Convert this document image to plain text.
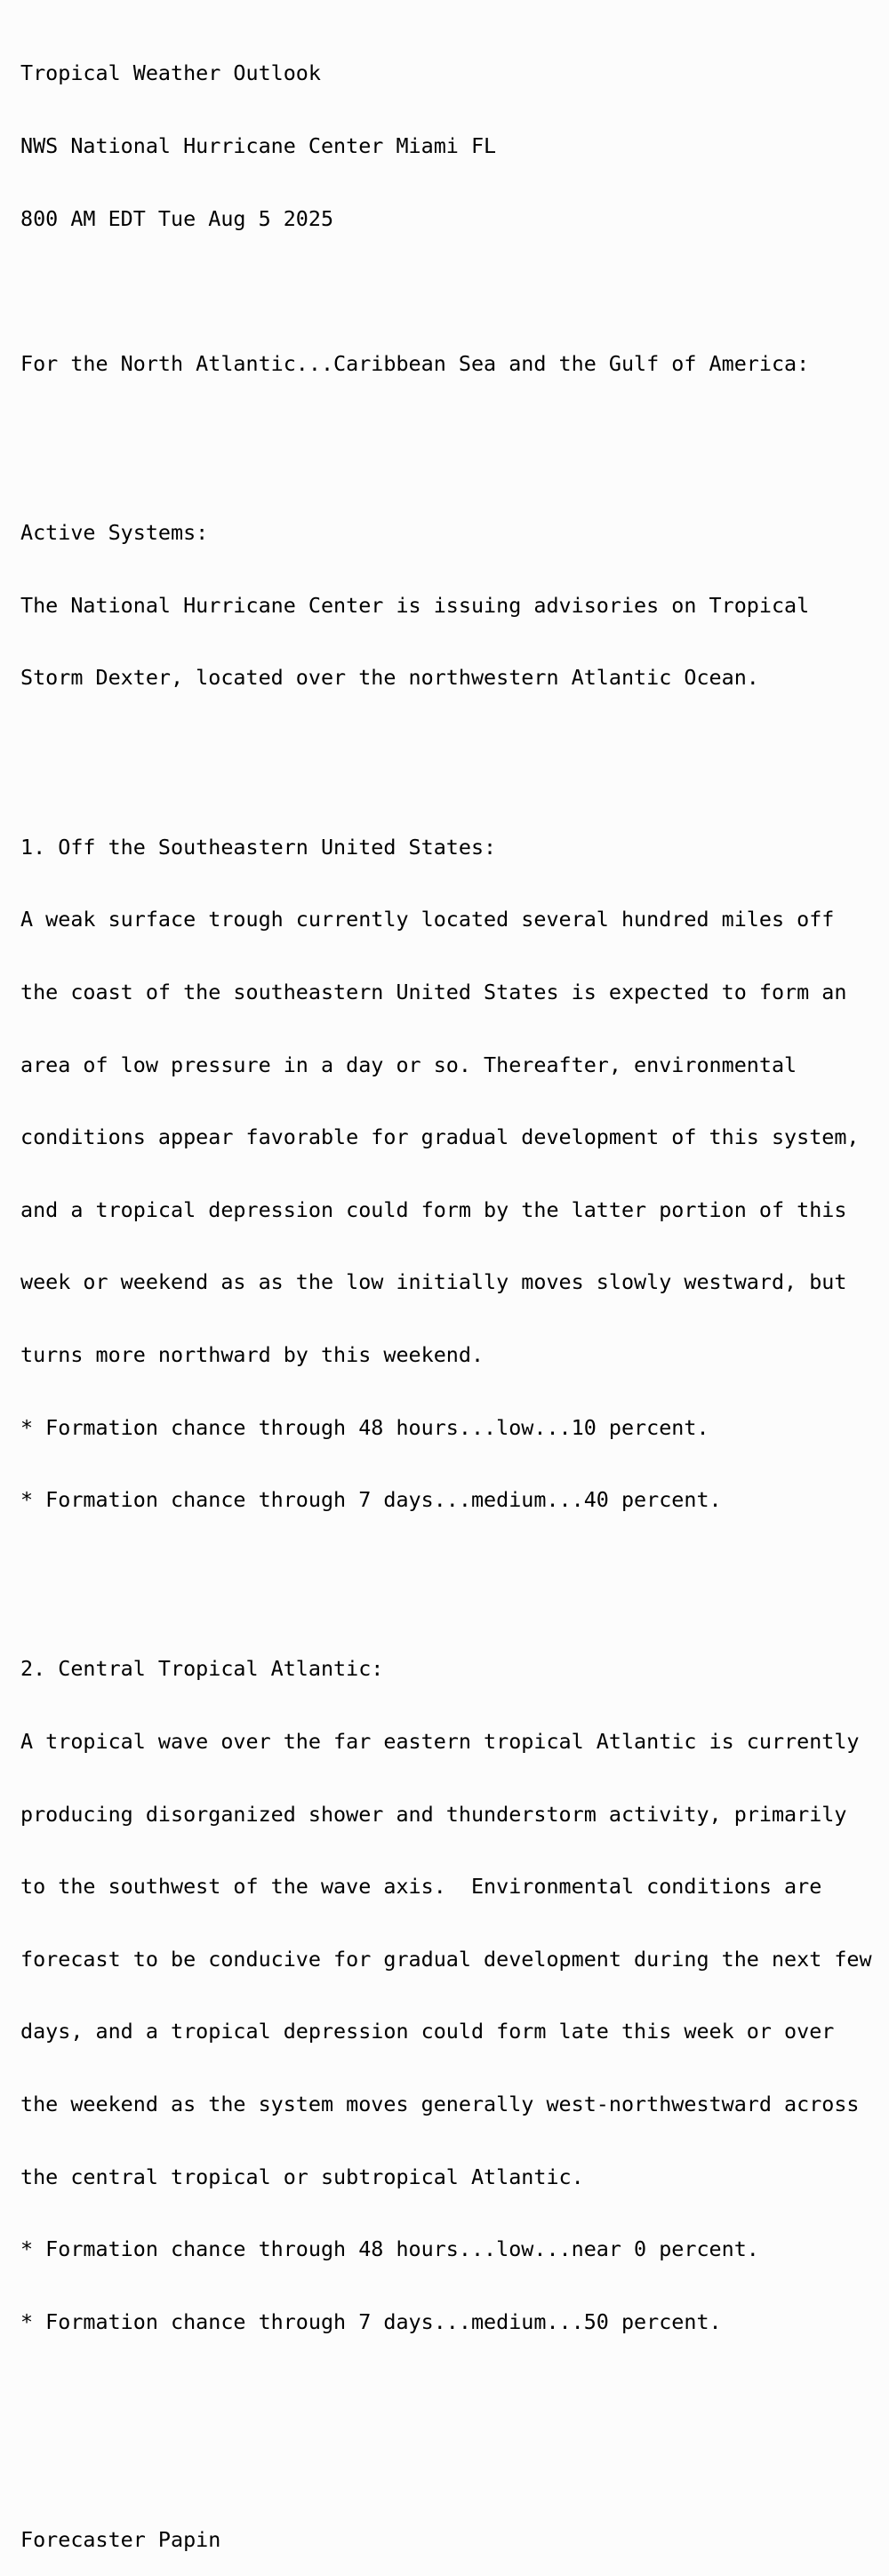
Tropical Weather Outlook

NWS National Hurricane Center Miami FL

800 AM EDT Tue Aug 5 2025

For the North Atlantic...Caribbean Sea and the Gulf of America:

Active Systems:

The National Hurricane Center is issuing advisories on Tropical

Storm Dexter, located over the northwestern Atlantic Ocean.

1. Off the Southeastern United States:

A weak surface trough currently located several hundred miles off

the coast of the southeastern United States is expected to form an

area of low pressure in a day or so. Thereafter, environmental

conditions appear favorable for gradual development of this system,

and a tropical depression could form by the latter portion of this

week or weekend as as the low initially moves slowly westward, but

turns more northward by this weekend.

* Formation chance through 48 hours...low...10 percent.

* Formation chance through 7 days...medium...40 percent.

2. Central Tropical Atlantic:

A tropical wave over the far eastern tropical Atlantic is currently

producing disorganized shower and thunderstorm activity, primarily

to the southwest of the wave axis.  Environmental conditions are

forecast to be conducive for gradual development during the next few

days, and a tropical depression could form late this week or over

the weekend as the system moves generally west-northwestward across

the central tropical or subtropical Atlantic.

* Formation chance through 48 hours...low...near 0 percent.

* Formation chance through 7 days...medium...50 percent.

Forecaster Papin
